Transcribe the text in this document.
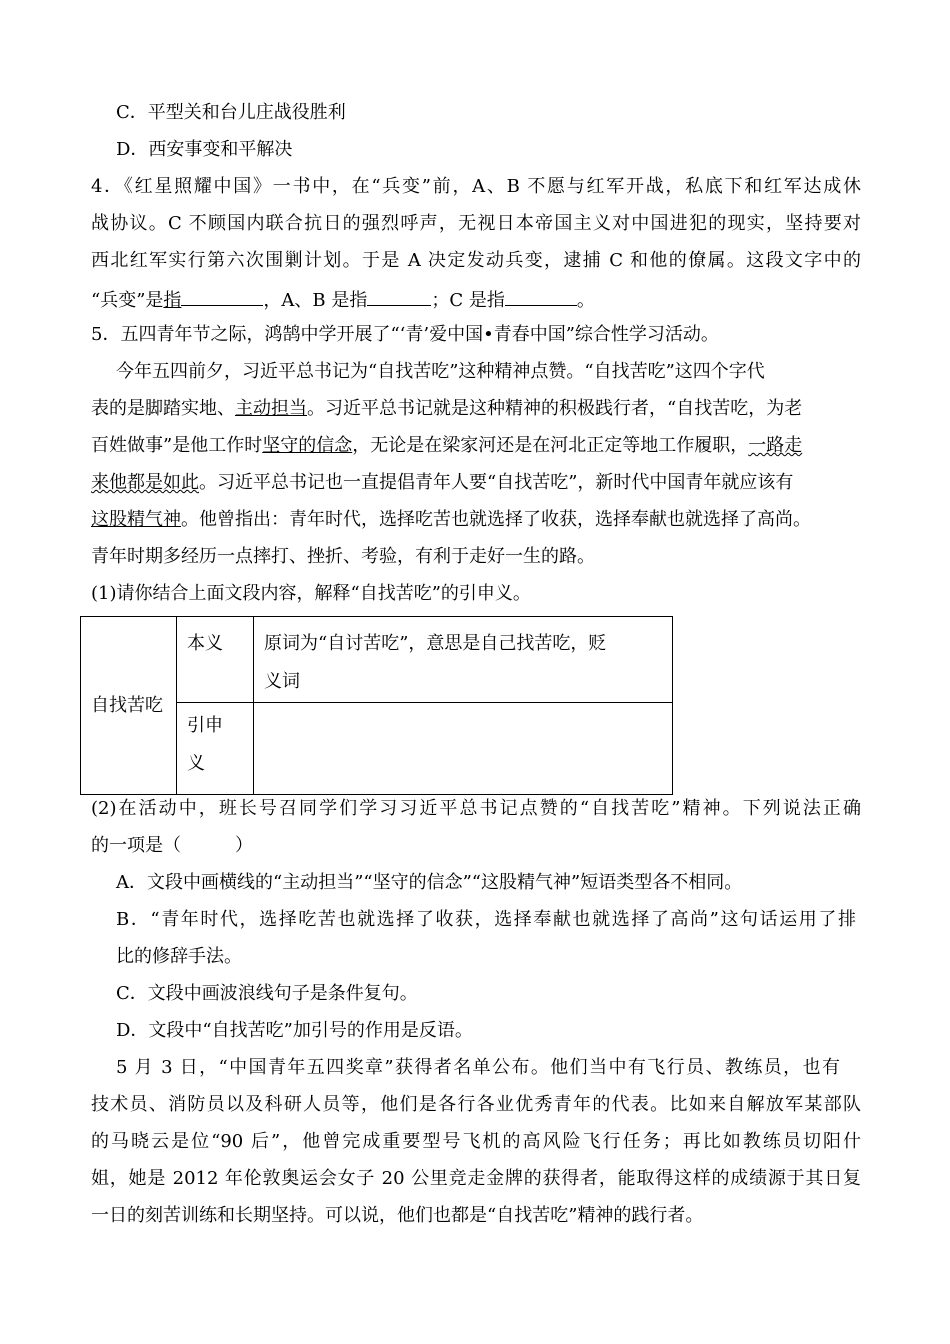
C．平型关和台儿庄战役胜利
D．西安事变和平解决
4．《红星照耀中国》一书中，在“兵变”前，A、B 不愿与红军开战，私底下和红军达成休
战协议。C 不顾国内联合抗日的强烈呼声，无视日本帝国主义对中国进犯的现实，坚持要对
西北红军实行第六次围剿计划。于是 A 决定发动兵变，逮捕 C 和他的僚属。这段文字中的
“兵变”是指	，A、B 是指	；C 是指	。
5．五四青年节之际，鸿鹄中学开展了“‘青’爱中国•青春中国”综合性学习活动。
今年五四前夕，习近平总书记为“自找苦吃”这种精神点赞。“自找苦吃”这四个字代
表的是脚踏实地、主动担当。习近平总书记就是这种精神的积极践行者，“自找苦吃，为老
百姓做事”是他工作时坚守的信念，无论是在梁家河还是在河北正定等地工作履职，一路走
来他都是如此。习近平总书记也一直提倡青年人要“自找苦吃”，新时代中国青年就应该有
这股精气神。他曾指出：青年时代，选择吃苦也就选择了收获，选择奉献也就选择了高尚。
青年时期多经历一点摔打、挫折、考验，有利于走好一生的路。
(1)请你结合上面文段内容，解释“自找苦吃”的引申义。
自找苦吃	本义	原词为“自讨苦吃”，意思是自己找苦吃，贬
义词

	引申
义	

(2)在活动中，班长号召同学们学习习近平总书记点赞的“自找苦吃”精神。下列说法正确
的一项是（　　　）
A．文段中画横线的“主动担当”“坚守的信念”“这股精气神”短语类型各不相同。
B．“青年时代，选择吃苦也就选择了收获，选择奉献也就选择了高尚”这句话运用了排
比的修辞手法。
C．文段中画波浪线句子是条件复句。
D．文段中“自找苦吃”加引号的作用是反语。
5 月 3 日，“中国青年五四奖章”获得者名单公布。他们当中有飞行员、教练员，也有
技术员、消防员以及科研人员等，他们是各行各业优秀青年的代表。比如来自解放军某部队
的马晓云是位“90 后”，他曾完成重要型号飞机的高风险飞行任务；再比如教练员切阳什
姐，她是 2012 年伦敦奥运会女子 20 公里竞走金牌的获得者，能取得这样的成绩源于其日复
一日的刻苦训练和长期坚持。可以说，他们也都是“自找苦吃”精神的践行者。
